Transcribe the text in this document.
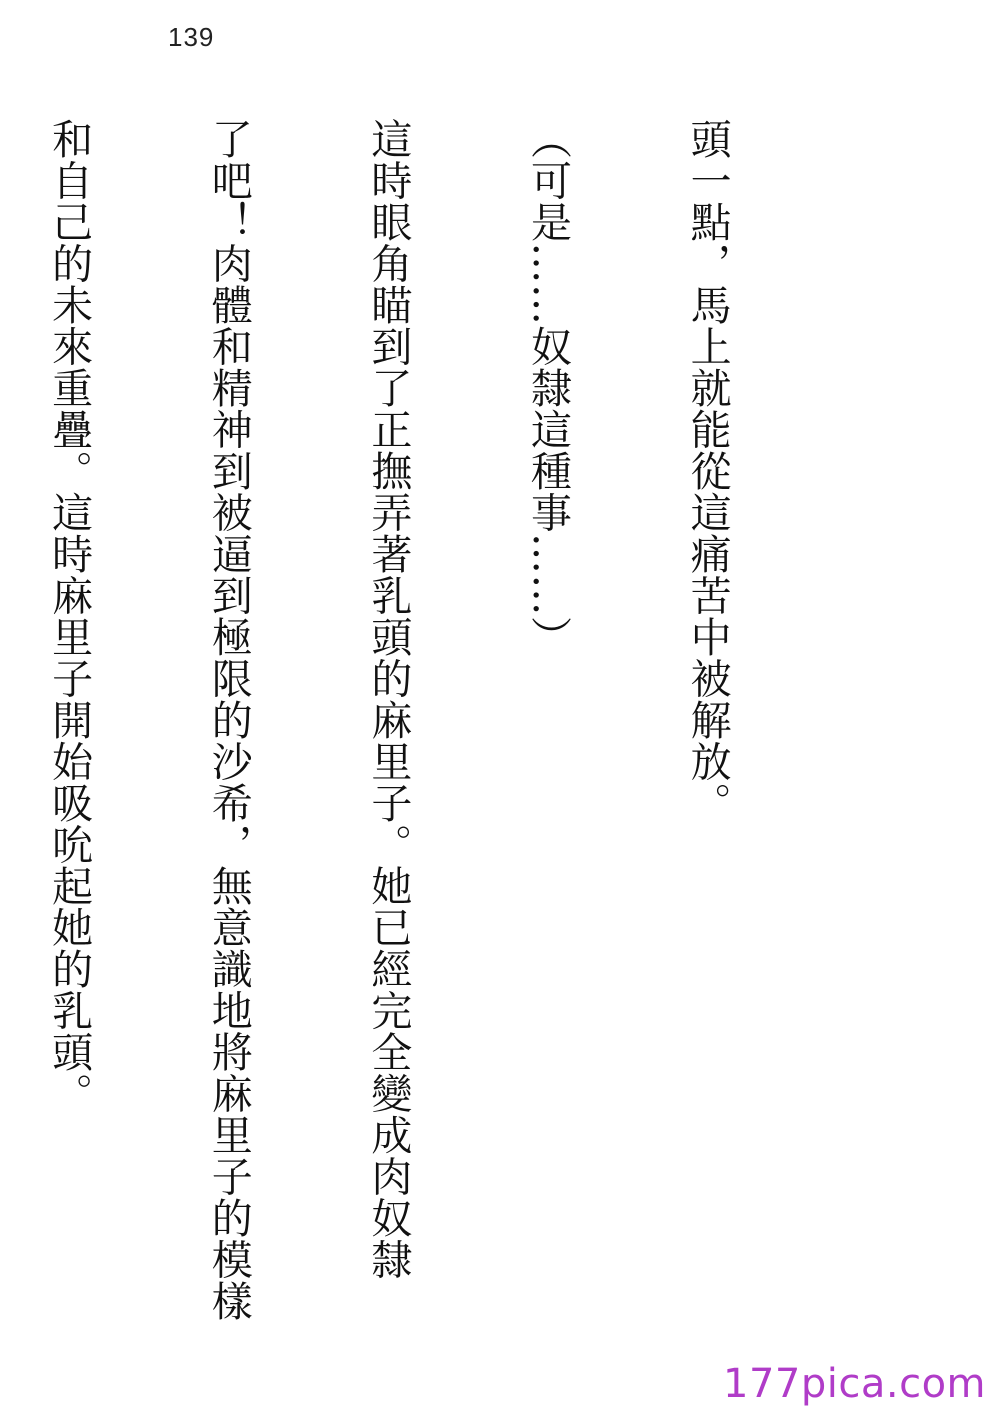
139

頭一點，馬上就能從這痛苦中被解放。

（可是……奴隸這種事……）

這時眼角瞄到了正撫弄著乳頭的麻里子。她已經完全變成肉奴隸

了吧！肉體和精神到被逼到極限的沙希，無意識地將麻里子的模樣

和自己的未來重疊。這時麻里子開始吸吮起她的乳頭。

177pica.com
